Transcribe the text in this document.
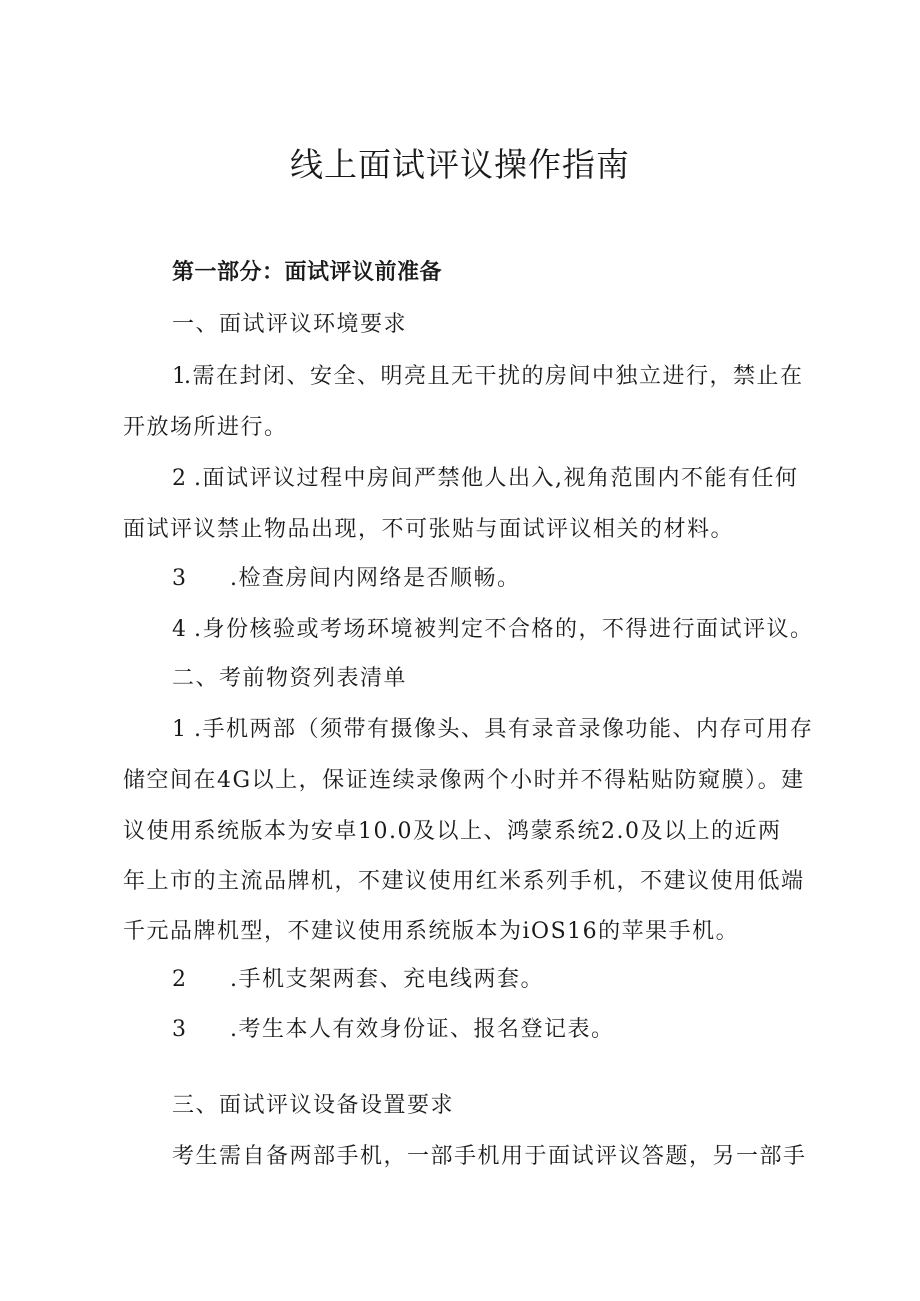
线上面试评议操作指南
第一部分：面试评议前准备
一、面试评议环境要求
1.需在封闭、安全、明亮且无干扰的房间中独立进行，禁止在
开放场所进行。
2 .面试评议过程中房间严禁他人出入,视角范围内不能有任何
面试评议禁止物品出现，不可张贴与面试评议相关的材料。
3 .检查房间内网络是否顺畅。
4 .身份核验或考场环境被判定不合格的，不得进行面试评议。
二、考前物资列表清单
1 .手机两部（须带有摄像头、具有录音录像功能、内存可用存
储空间在4G以上，保证连续录像两个小时并不得粘贴防窥膜）。建
议使用系统版本为安卓10.0及以上、鸿蒙系统2.0及以上的近两
年上市的主流品牌机，不建议使用红米系列手机，不建议使用低端
千元品牌机型，不建议使用系统版本为iOS16的苹果手机。
2 .手机支架两套、充电线两套。
3 .考生本人有效身份证、报名登记表。
三、面试评议设备设置要求
考生需自备两部手机，一部手机用于面试评议答题，另一部手
